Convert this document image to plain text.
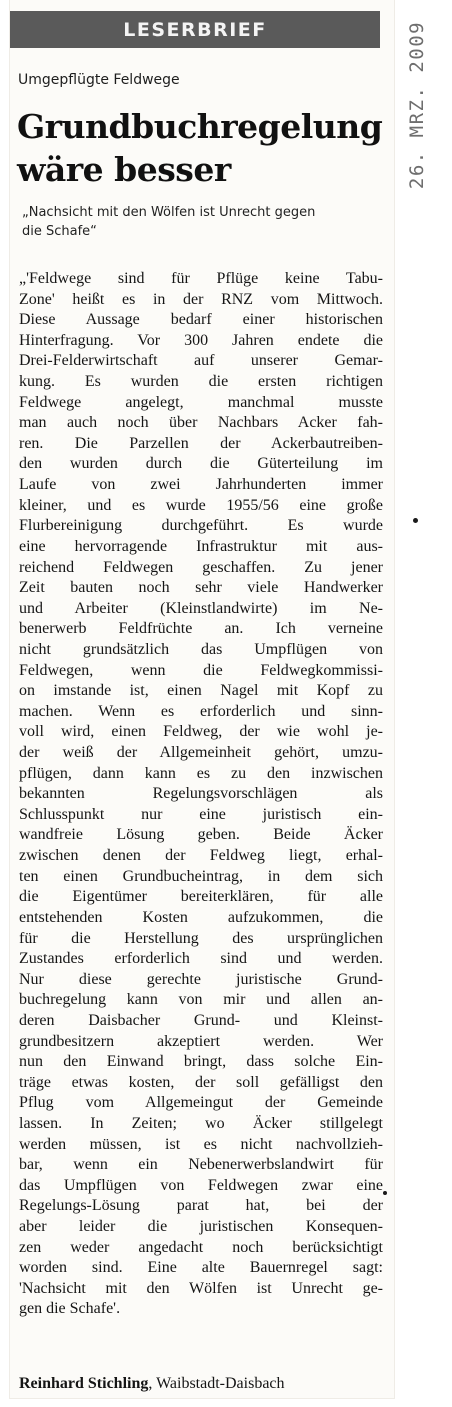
LESERBRIEF
Umgepflügte Feldwege
Grundbuchregelung
wäre besser
„Nachsicht mit den Wölfen ist Unrecht gegen
die Schafe“
„'Feldwege sind für Pflüge keine Tabu-
Zone' heißt es in der RNZ vom Mittwoch.
Diese Aussage bedarf einer historischen
Hinterfragung. Vor 300 Jahren endete die
Drei-Felderwirtschaft auf unserer Gemar-
kung. Es wurden die ersten richtigen
Feldwege angelegt, manchmal musste
man auch noch über Nachbars Acker fah-
ren. Die Parzellen der Ackerbautreiben-
den wurden durch die Güterteilung im
Laufe von zwei Jahrhunderten immer
kleiner, und es wurde 1955/56 eine große
Flurbereinigung durchgeführt. Es wurde
eine hervorragende Infrastruktur mit aus-
reichend Feldwegen geschaffen. Zu jener
Zeit bauten noch sehr viele Handwerker
und Arbeiter (Kleinstlandwirte) im Ne-
benerwerb Feldfrüchte an. Ich verneine
nicht grundsätzlich das Umpflügen von
Feldwegen, wenn die Feldwegkommissi-
on imstande ist, einen Nagel mit Kopf zu
machen. Wenn es erforderlich und sinn-
voll wird, einen Feldweg, der wie wohl je-
der weiß der Allgemeinheit gehört, umzu-
pflügen, dann kann es zu den inzwischen
bekannten Regelungsvorschlägen als
Schlusspunkt nur eine juristisch ein-
wandfreie Lösung geben. Beide Äcker
zwischen denen der Feldweg liegt, erhal-
ten einen Grundbucheintrag, in dem sich
die Eigentümer bereiterklären, für alle
entstehenden Kosten aufzukommen, die
für die Herstellung des ursprünglichen
Zustandes erforderlich sind und werden.
Nur diese gerechte juristische Grund-
buchregelung kann von mir und allen an-
deren Daisbacher Grund- und Kleinst-
grundbesitzern akzeptiert werden. Wer
nun den Einwand bringt, dass solche Ein-
träge etwas kosten, der soll gefälligst den
Pflug vom Allgemeingut der Gemeinde
lassen. In Zeiten; wo Äcker stillgelegt
werden müssen, ist es nicht nachvollzieh-
bar, wenn ein Nebenerwerbslandwirt für
das Umpflügen von Feldwegen zwar eine
Regelungs-Lösung parat hat, bei der
aber leider die juristischen Konsequen-
zen weder angedacht noch berücksichtigt
worden sind. Eine alte Bauernregel sagt:
'Nachsicht mit den Wölfen ist Unrecht ge-
gen die Schafe'.
Reinhard Stichling, Waibstadt-Daisbach
26. MRZ. 2009
